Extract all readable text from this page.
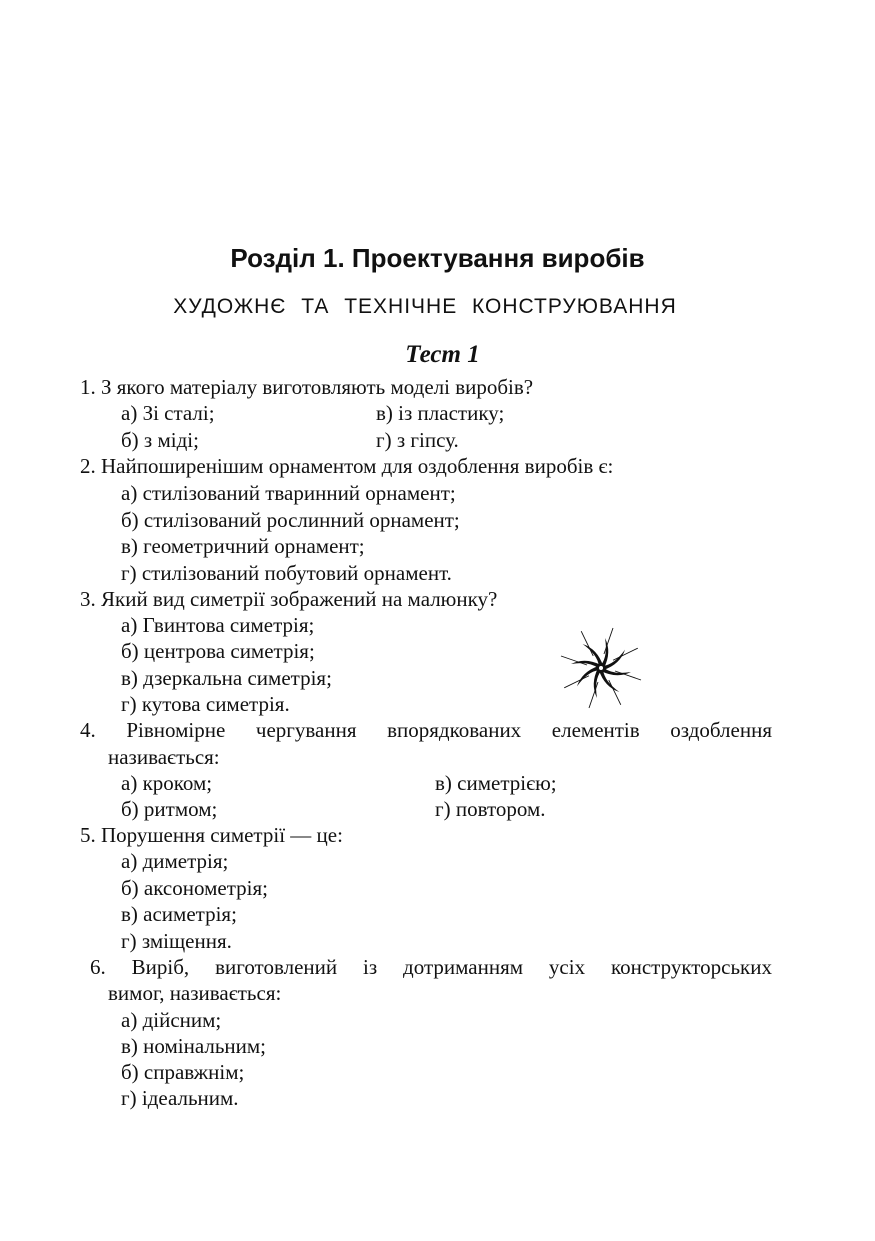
Розділ 1. Проектування виробів
ХУДОЖНЄ ТА ТЕХНІЧНЕ КОНСТРУЮВАННЯ
Тест 1
1. З якого матеріалу виготовляють моделі виробів?
а) Зі сталі;	в) із пластику;
б) з міді;	г) з гіпсу.
2. Найпоширенішим орнаментом для оздоблення виробів є:
а) стилізований тваринний орнамент;
б) стилізований рослинний орнамент;
в) геометричний орнамент;
г) стилізований побутовий орнамент.
3. Який вид симетрії зображений на малюнку?
а) Гвинтова симетрія;
б) центрова симетрія;
в) дзеркальна симетрія;
г) кутова симетрія.
4. Рівномірне чергування впорядкованих елементів оздоблення
називається:
а) кроком;	в) симетрією;
б) ритмом;	г) повтором.
5. Порушення симетрії — це:
а) диметрія;
б) аксонометрія;
в) асиметрія;
г) зміщення.
6. Виріб, виготовлений із дотриманням усіх конструкторських
вимог, називається:
а) дійсним;
в) номінальним;
б) справжнім;
г) ідеальним.
